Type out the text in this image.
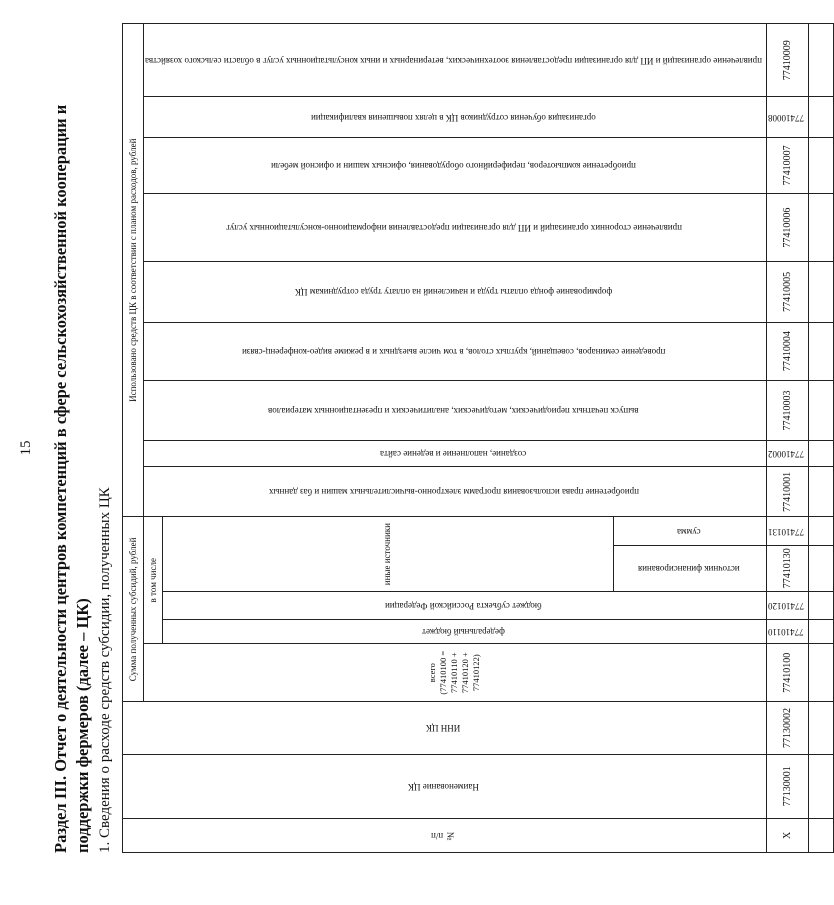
15 Раздел III. Отчет о деятельности центров компетенций в сфере сельскохозяйственной кооперации и поддержки фермеров (далее – ЦК) 1. Сведения о расходе средств субсидии, полученных ЦК	№ п/п	Наименование ЦК	ИНН ЦК	Сумма полученных субсидий, рублей					Использовано средств ЦК в соответствии с планом расходов, рублей								
			всего (77410100 = 77410110 + 77410120 + 77410122)	в том числе				приобретение права использования программ электронно-вычислительных машин и баз данных	создание, наполнение и ведение сайта	выпуск печатных периодических, методических, аналитических и презентационных материалов	проведение семинаров, совещаний, круглых столов, в том числе выездных и в режиме видео-конференц-связи	формирование фонда оплаты труда и начислений на оплату труда сотрудникам ЦК	привлечение сторонних организаций и ИП для организации предоставления информационно-консультационных услуг	приобретение компьютеров, периферийного оборудования, офисных машин и офисной мебели	организация обучения сотрудников ЦК в целях повышения квалификации	привлечение организаций и ИП для организации предоставления зоотехнических, ветеринарных и иных консультационных услуг в области сельского хозяйства
				федеральный бюджет	бюджет субъекта Российской Федерации	иные источники										
						источник финансирования	сумма									
X	77130001	77130002	77410100	77410110	77410120	77410130	77410131	77410001	77410002	77410003	77410004	77410005	77410006	77410007	77410008	77410009
